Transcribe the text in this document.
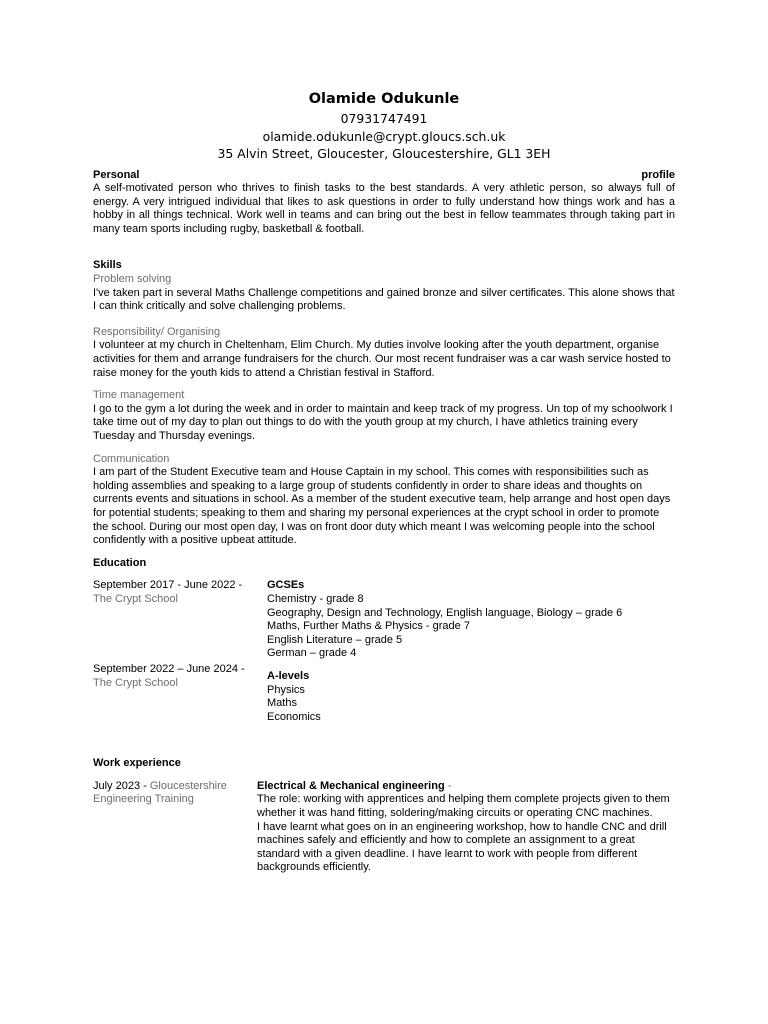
Olamide Odukunle
07931747491
olamide.odukunle@crypt.gloucs.sch.uk
35 Alvin Street, Gloucester, Gloucestershire, GL1 3EH
Personal	profile
A self-motivated person who thrives to finish tasks to the best standards. A very athletic person, so always full of energy. A very intrigued individual that likes to ask questions in order to fully understand how things work and has a hobby in all things technical. Work well in teams and can bring out the best in fellow teammates through taking part in many team sports including rugby, basketball & football.
Skills
Problem solving
I've taken part in several Maths Challenge competitions and gained bronze and silver certificates. This alone shows that I can think critically and solve challenging problems.
Responsibility/ Organising
I volunteer at my church in Cheltenham, Elim Church. My duties involve looking after the youth department, organise activities for them and arrange fundraisers for the church. Our most recent fundraiser was a car wash service hosted to raise money for the youth kids to attend a Christian festival in Stafford.
Time management
I go to the gym a lot during the week and in order to maintain and keep track of my progress. Un top of my schoolwork I take time out of my day to plan out things to do with the youth group at my church, I have athletics training every Tuesday and Thursday evenings.
Communication
I am part of the Student Executive team and House Captain in my school. This comes with responsibilities such as holding assemblies and speaking to a large group of students confidently in order to share ideas and thoughts on currents events and situations in school. As a member of the student executive team, help arrange and host open days for potential students; speaking to them and sharing my personal experiences at the crypt school in order to promote the school. During our most open day, I was on front door duty which meant I was welcoming people into the school confidently with a positive upbeat attitude.
Education
September 2017 - June 2022 -
The Crypt School
GCSEs
Chemistry - grade 8
Geography, Design and Technology, English language, Biology – grade 6
Maths, Further Maths & Physics - grade 7
English Literature – grade 5
German – grade 4
September 2022 – June 2024 -
The Crypt School
A-levels
Physics
Maths
Economics
Work experience
July 2023 - Gloucestershire
Engineering Training
Electrical & Mechanical engineering -
The role: working with apprentices and helping them complete projects given to them whether it was hand fitting, soldering/making circuits or operating CNC machines.
I have learnt what goes on in an engineering workshop, how to handle CNC and drill machines safely and efficiently and how to complete an assignment to a great standard with a given deadline. I have learnt to work with people from different backgrounds efficiently.
